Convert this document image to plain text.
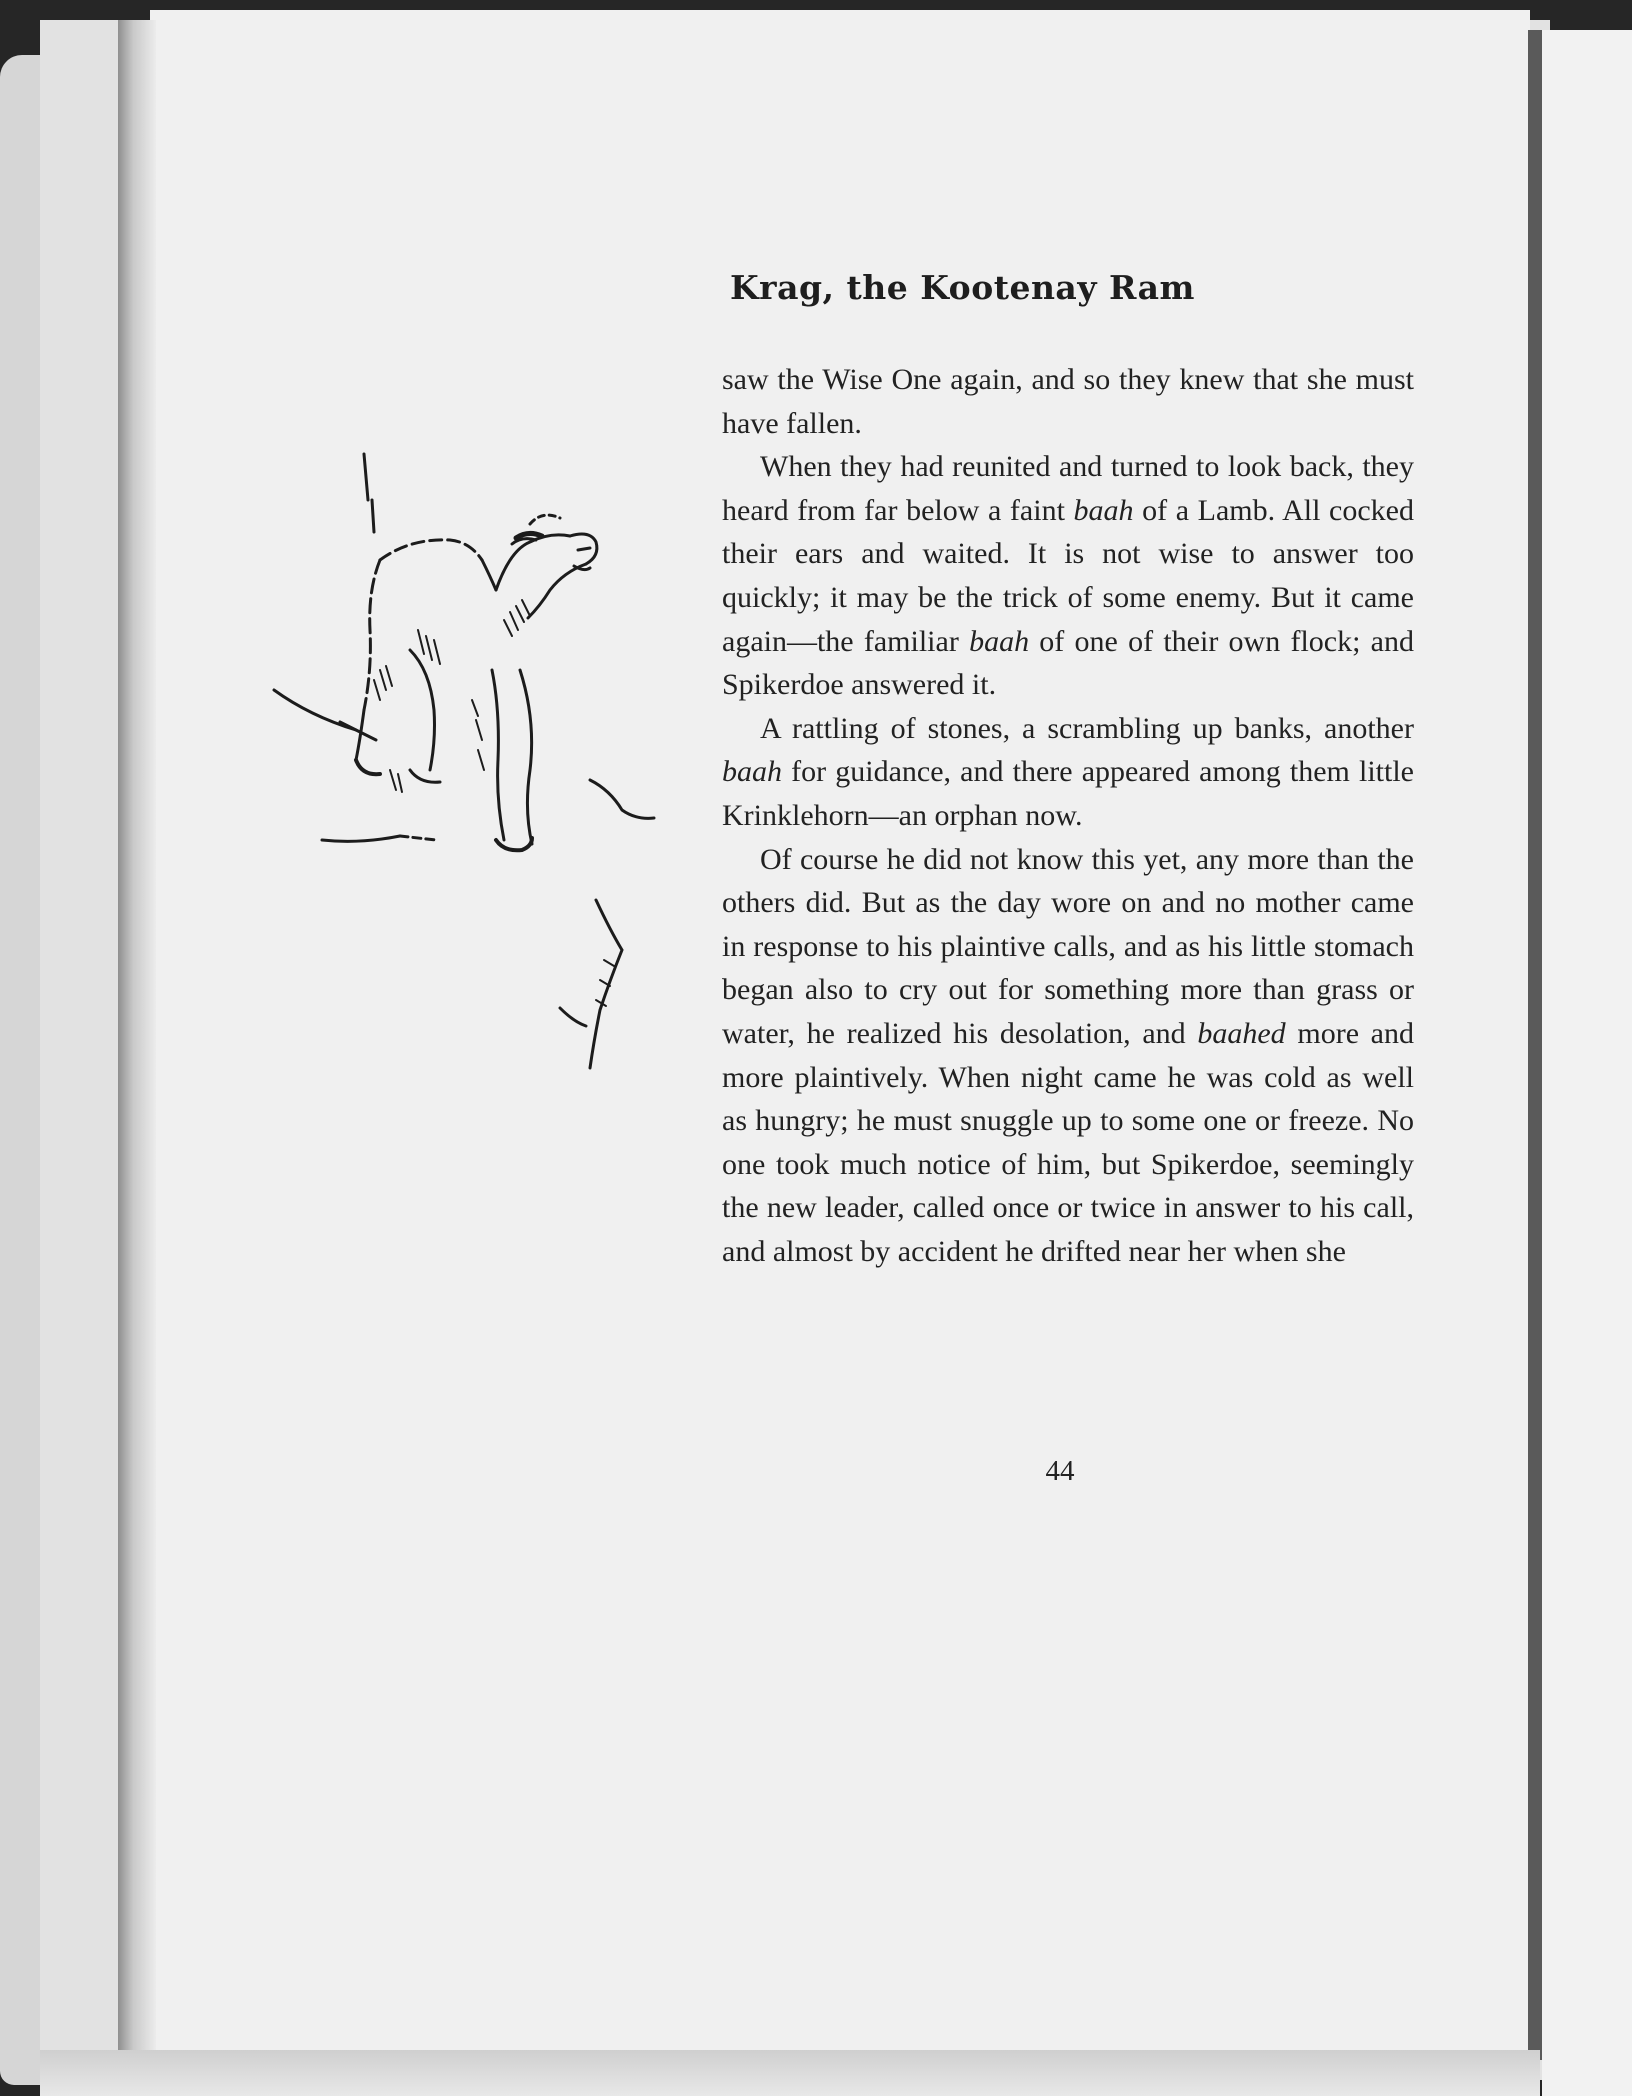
Krag, the Kootenay Ram

saw the Wise One again, and so they knew that she must have fallen.

When they had reunited and turned to look back, they heard from far below a faint baah of a Lamb. All cocked their ears and waited. It is not wise to answer too quickly; it may be the trick of some enemy. But it came again—the familiar baah of one of their own flock; and Spikerdoe answered it.

A rattling of stones, a scrambling up banks, another baah for guidance, and there appeared among them little Krinklehorn—an orphan now.

Of course he did not know this yet, any more than the others did. But as the day wore on and no mother came in response to his plaintive calls, and as his little stomach began also to cry out for something more than grass or water, he realized his desolation, and baahed more and more plaintively. When night came he was cold as well as hungry; he must snuggle up to some one or freeze. No one took much notice of him, but Spikerdoe, seemingly the new leader, called once or twice in answer to his call, and almost by accident he drifted near her when she

44
